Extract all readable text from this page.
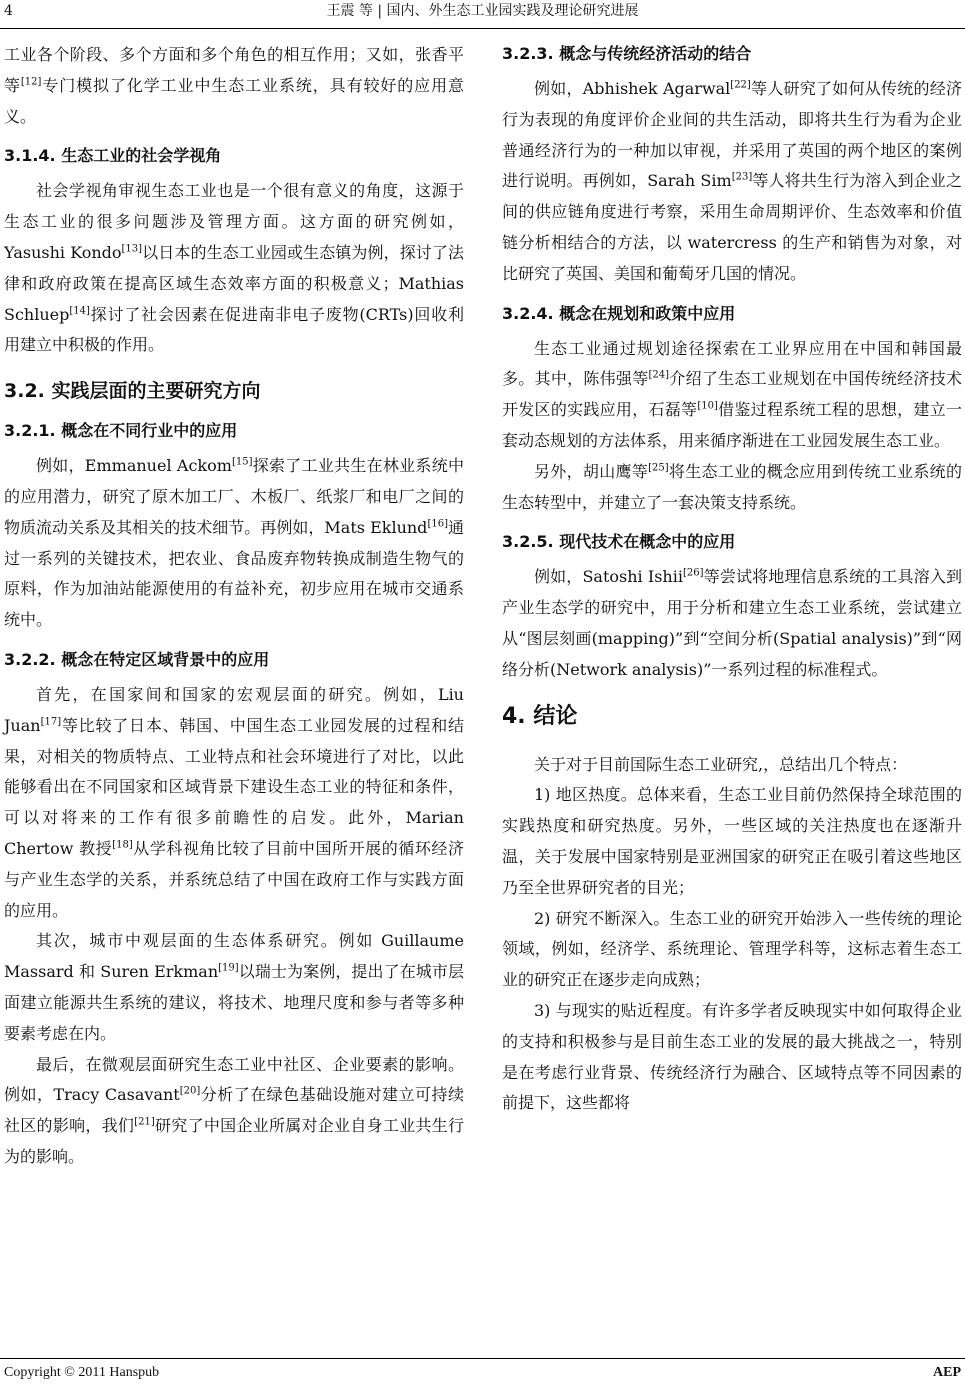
4	王震 等 | 国内、外生态工业园实践及理论研究进展

工业各个阶段、多个方面和多个角色的相互作用；又如，张香平等[12]专门模拟了化学工业中生态工业系统，具有较好的应用意义。

3.1.4. 生态工业的社会学视角

社会学视角审视生态工业也是一个很有意义的角度，这源于生态工业的很多问题涉及管理方面。这方面的研究例如，Yasushi Kondo[13]以日本的生态工业园或生态镇为例，探讨了法律和政府政策在提高区域生态效率方面的积极意义；Mathias Schluep[14]探讨了社会因素在促进南非电子废物(CRTs)回收利用建立中积极的作用。

3.2. 实践层面的主要研究方向
3.2.1. 概念在不同行业中的应用

例如，Emmanuel Ackom[15]探索了工业共生在林业系统中的应用潜力，研究了原木加工厂、木板厂、纸浆厂和电厂之间的物质流动关系及其相关的技术细节。再例如，Mats Eklund[16]通过一系列的关键技术，把农业、食品废弃物转换成制造生物气的原料，作为加油站能源使用的有益补充，初步应用在城市交通系统中。

3.2.2. 概念在特定区域背景中的应用

首先，在国家间和国家的宏观层面的研究。例如，Liu Juan[17]等比较了日本、韩国、中国生态工业园发展的过程和结果，对相关的物质特点、工业特点和社会环境进行了对比，以此能够看出在不同国家和区域背景下建设生态工业的特征和条件，可以对将来的工作有很多前瞻性的启发。此外，Marian Chertow 教授[18]从学科视角比较了目前中国所开展的循环经济与产业生态学的关系，并系统总结了中国在政府工作与实践方面的应用。

其次，城市中观层面的生态体系研究。例如 Guillaume Massard 和 Suren Erkman[19]以瑞士为案例，提出了在城市层面建立能源共生系统的建议，将技术、地理尺度和参与者等多种要素考虑在内。

最后，在微观层面研究生态工业中社区、企业要素的影响。例如，Tracy Casavant[20]分析了在绿色基础设施对建立可持续社区的影响，我们[21]研究了中国企业所属对企业自身工业共生行为的影响。

3.2.3. 概念与传统经济活动的结合

例如，Abhishek Agarwal[22]等人研究了如何从传统的经济行为表现的角度评价企业间的共生活动，即将共生行为看为企业普通经济行为的一种加以审视，并采用了英国的两个地区的案例进行说明。再例如，Sarah Sim[23]等人将共生行为溶入到企业之间的供应链角度进行考察，采用生命周期评价、生态效率和价值链分析相结合的方法，以 watercress 的生产和销售为对象，对比研究了英国、美国和葡萄牙几国的情况。

3.2.4. 概念在规划和政策中应用

生态工业通过规划途径探索在工业界应用在中国和韩国最多。其中，陈伟强等[24]介绍了生态工业规划在中国传统经济技术开发区的实践应用，石磊等[10]借鉴过程系统工程的思想，建立一套动态规划的方法体系，用来循序渐进在工业园发展生态工业。

另外，胡山鹰等[25]将生态工业的概念应用到传统工业系统的生态转型中，并建立了一套决策支持系统。

3.2.5. 现代技术在概念中的应用

例如，Satoshi Ishii[26]等尝试将地理信息系统的工具溶入到产业生态学的研究中，用于分析和建立生态工业系统，尝试建立从“图层刻画(mapping)”到“空间分析(Spatial analysis)”到“网络分析(Network analysis)”一系列过程的标准程式。

4. 结论

关于对于目前国际生态工业研究,，总结出几个特点：

1) 地区热度。总体来看，生态工业目前仍然保持全球范围的实践热度和研究热度。另外，一些区域的关注热度也在逐渐升温，关于发展中国家特别是亚洲国家的研究正在吸引着这些地区乃至全世界研究者的目光；

2) 研究不断深入。生态工业的研究开始涉入一些传统的理论领域，例如，经济学、系统理论、管理学科等，这标志着生态工业的研究正在逐步走向成熟；

3) 与现实的贴近程度。有许多学者反映现实中如何取得企业的支持和积极参与是目前生态工业的发展的最大挑战之一，特别是在考虑行业背景、传统经济行为融合、区域特点等不同因素的前提下，这些都将

Copyright © 2011 Hanspub	AEP
